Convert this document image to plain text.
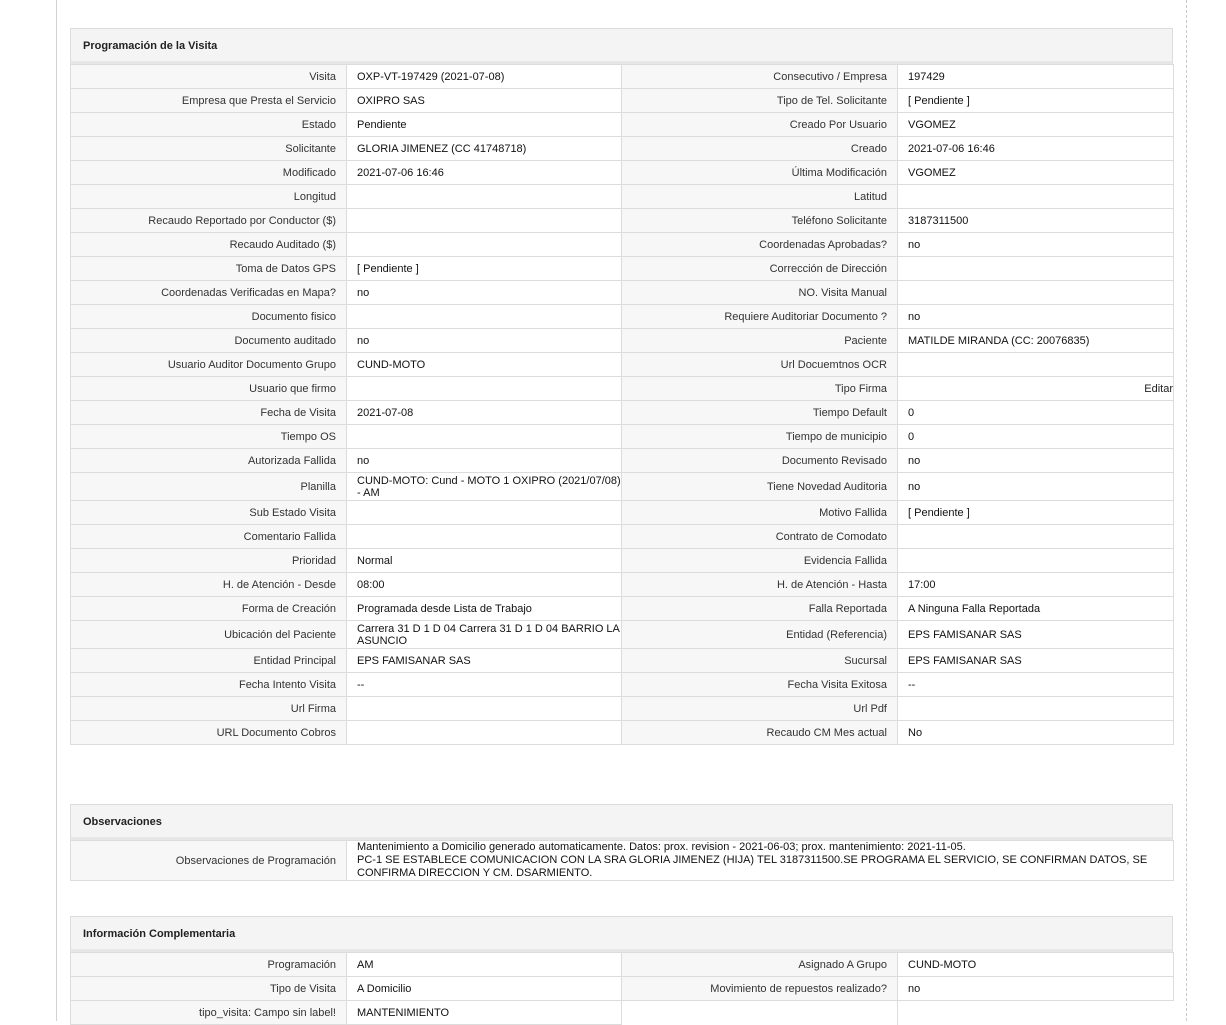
Programación de la Visita
Visita	OXP-VT-197429 (2021-07-08)	Consecutivo / Empresa	197429
Empresa que Presta el Servicio	OXIPRO SAS	Tipo de Tel. Solicitante	[ Pendiente ]
Estado	Pendiente	Creado Por Usuario	VGOMEZ
Solicitante	GLORIA JIMENEZ (CC 41748718)	Creado	2021-07-06 16:46
Modificado	2021-07-06 16:46	Última Modificación	VGOMEZ
Longitud		Latitud	
Recaudo Reportado por Conductor ($)		Teléfono Solicitante	3187311500
Recaudo Auditado ($)		Coordenadas Aprobadas?	no
Toma de Datos GPS	[ Pendiente ]	Corrección de Dirección	
Coordenadas Verificadas en Mapa?	no	NO. Visita Manual	
Documento fisico		Requiere Auditoriar Documento ?	no
Documento auditado	no	Paciente	MATILDE MIRANDA (CC: 20076835)
Usuario Auditor Documento Grupo	CUND-MOTO	Url Docuemtnos OCR	
Usuario que firmo		Tipo Firma	Editar

Fecha de Visita	2021-07-08	Tiempo Default	0
Tiempo OS		Tiempo de municipio	0
Autorizada Fallida	no	Documento Revisado	no
Planilla	CUND-MOTO: Cund - MOTO 1 OXIPRO (2021/07/08) - AM	Tiene Novedad Auditoria	no
Sub Estado Visita		Motivo Fallida	[ Pendiente ]
Comentario Fallida		Contrato de Comodato	
Prioridad	Normal	Evidencia Fallida	
H. de Atención - Desde	08:00	H. de Atención - Hasta	17:00
Forma de Creación	Programada desde Lista de Trabajo	Falla Reportada	A Ninguna Falla Reportada
Ubicación del Paciente	Carrera 31 D 1 D 04 Carrera 31 D 1 D 04 BARRIO LA ASUNCIO	Entidad (Referencia)	EPS FAMISANAR SAS
Entidad Principal	EPS FAMISANAR SAS	Sucursal	EPS FAMISANAR SAS
Fecha Intento Visita	--	Fecha Visita Exitosa	--
Url Firma		Url Pdf	
URL Documento Cobros		Recaudo CM Mes actual	No
Observaciones
Observaciones de Programación	
Mantenimiento a Domicilio generado automaticamente. Datos: prox. revision - 2021-06-03; prox. mantenimiento: 2021-11-05.
PC-1 SE ESTABLECE COMUNICACION CON LA SRA GLORIA JIMENEZ (HIJA) TEL 3187311500.SE PROGRAMA EL SERVICIO, SE CONFIRMAN DATOS, SE CONFIRMA DIRECCION Y CM. DSARMIENTO.
Información Complementaria
Programación	AM	Asignado A Grupo	CUND-MOTO
Tipo de Visita	A Domicilio	Movimiento de repuestos realizado?	no
tipo_visita: Campo sin label!	MANTENIMIENTO		
